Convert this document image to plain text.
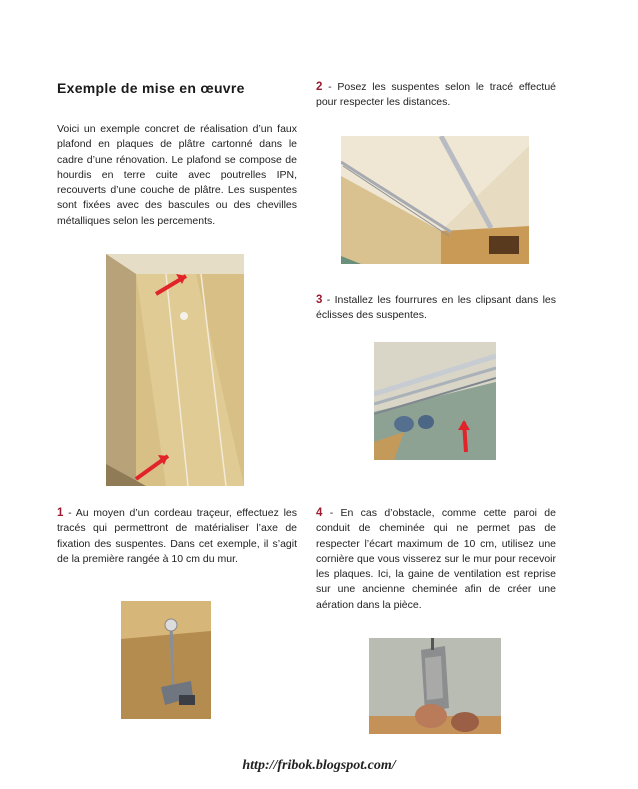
Exemple de mise en œuvre
Voici un exemple concret de réalisation d’un faux plafond en plaques de plâtre cartonné dans le cadre d’une rénovation. Le plafond se compose de hourdis en terre cuite avec poutrelles IPN, recouverts d’une couche de plâtre. Les suspentes sont fixées avec des bascules ou des chevilles métalliques selon les percements.
1 - Au moyen d’un cordeau traçeur, effectuez les tracés qui permettront de matérialiser l’axe de fixation des suspentes. Dans cet exemple, il s’agit de la première rangée à 10 cm du mur.
2 - Posez les suspentes selon le tracé effectué pour respecter les distances.
3 - Installez les fourrures en les clipsant dans les éclisses des suspentes.
4 - En cas d’obstacle, comme cette paroi de conduit de cheminée qui ne permet pas de respecter l’écart maximum de 10 cm, utilisez une cornière que vous visserez sur le mur pour recevoir les plaques. Ici, la gaine de ventilation est reprise sur une ancienne cheminée afin de créer une aération dans la pièce.
http://fribok.blogspot.com/
